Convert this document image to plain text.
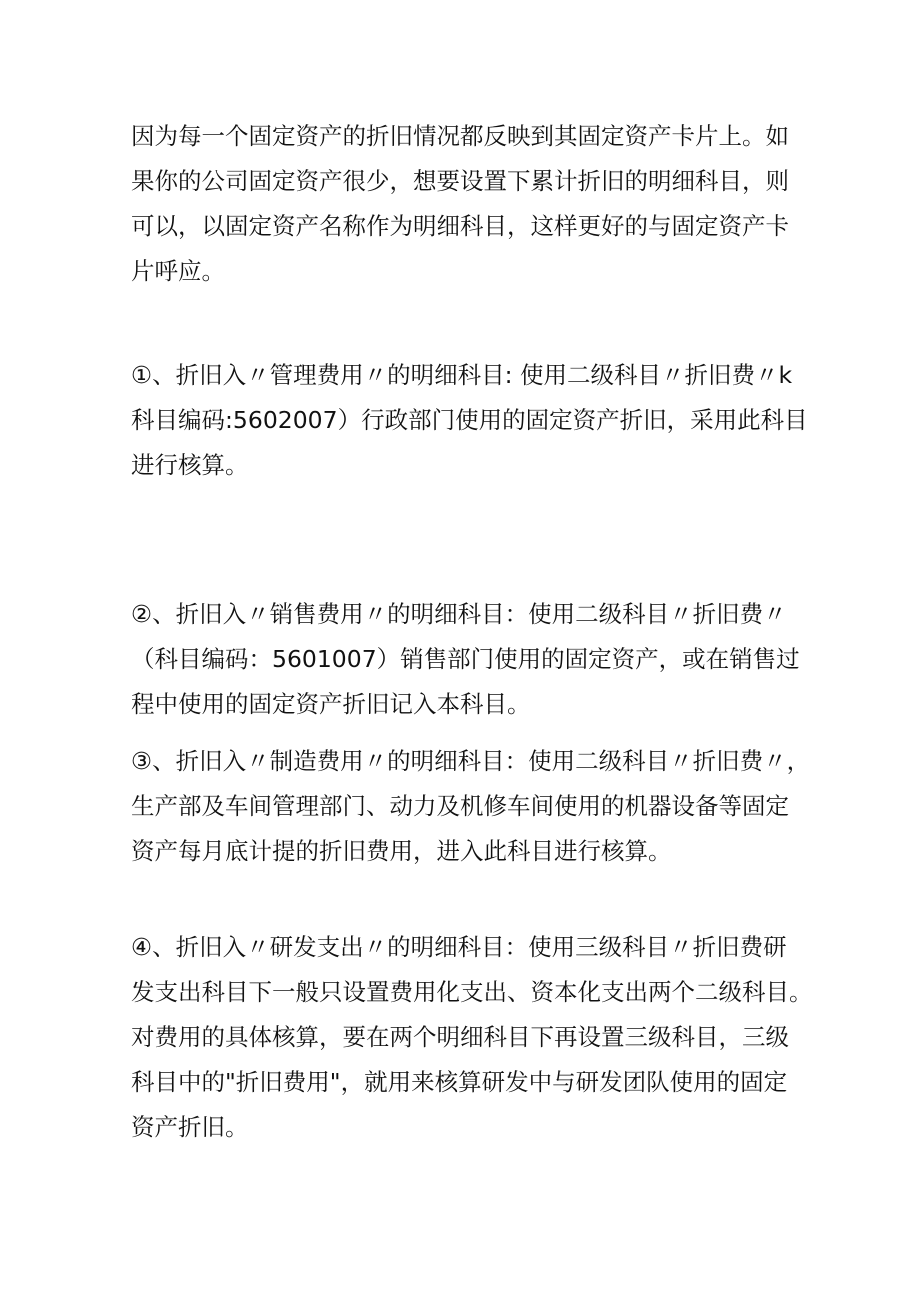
因为每一个固定资产的折旧情况都反映到其固定资产卡片上。如
果你的公司固定资产很少，想要设置下累计折旧的明细科目，则
可以，以固定资产名称作为明细科目，这样更好的与固定资产卡
片呼应。

①、折旧入〃管理费用〃的明细科目: 使用二级科目〃折旧费〃k
科目编码:5602007）行政部门使用的固定资产折旧，采用此科目
进行核算。

②、折旧入〃销售费用〃的明细科目：使用二级科目〃折旧费〃
（科目编码：5601007）销售部门使用的固定资产，或在销售过
程中使用的固定资产折旧记入本科目。

③、折旧入〃制造费用〃的明细科目：使用二级科目〃折旧费〃，
生产部及车间管理部门、动力及机修车间使用的机器设备等固定
资产每月底计提的折旧费用，进入此科目进行核算。

④、折旧入〃研发支出〃的明细科目：使用三级科目〃折旧费研
发支出科目下一般只设置费用化支出、资本化支出两个二级科目。
对费用的具体核算，要在两个明细科目下再设置三级科目，三级
科目中的"折旧费用"，就用来核算研发中与研发团队使用的固定
资产折旧。
